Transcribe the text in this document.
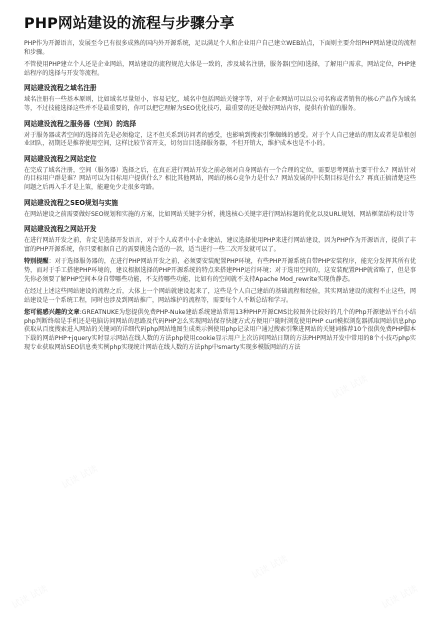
PHP网站建设的流程与步骤分享

PHP作为开源语言，发展至今已有很多成熟的国内外开源系统，足以满足个人和企业用户自己建立WEB站点，下面则主要介绍PHP网站建设的流程和步骤。

不管使用PHP建立个人还是企业网站，网站建设的流程规范大体是一致的，涉及域名注册，服务器(空间)选择，了解用户需求，网站定位，PHP建站程序的选择与开发等流程。

网站建设流程之域名注册

域名注册有一些基本原则，比如域名尽量短小，容易记忆，域名中包括网站关键字等，对于企业网站可以以公司名称或者销售的核心产品作为域名等，不过技能选择这些并不是最重要的，你可以把它理解为SEO优化技巧，最重要的还是做好网站内容，提供有价值的服务。

网站建设流程之服务器（空间）的选择

对于服务器或者空间的选择首先是必须稳定，这不但关系到访问者的感受，也影响到搜索引擎蜘蛛的感受。对于个人自己建站的朋友或者是草根创业团队，初期还是推荐使用空间，这样比较节省开支，切勿盲目选择服务器，不但开销大，维护成本也是不小的。

网站建设流程之网站定位

在完成了域名注册，空间（服务器）选择之后，在真正进行网站开发之前必须对自身网站有一个合理的定位，需要思考网站主要干什么？网站针对的目标用户群是谁？网站可以为目标用户提供什么？相比其他网站，网站的核心竞争力是什么？网站发展的中长期目标是什么？再真正搞清楚这些问题之后再入手才是上策，能避免少走很多弯路。

网站建设流程之SEO规划与实施

在网站建设之前需要做好SEO规划和实施的方案，比如网站关键字分析，挑选核心关键字进行网站标题的优化以及URL规划、网站框架结构设计等

网站建设流程之网站开发

在进行网站开发之前，肯定是选择开发语言，对于个人或者中小企业建站，建议选择使用PHP来进行网站建设，因为PHP作为开源语言，提供了丰富的PHP开源系统，你只要根据自己的需要挑选合适的一款，适当进行一些二次开发就可以了。

特别提醒：对于选择服务器的，在进行PHP网站开发之前，必须要安装配置PHP环境，有些PHP开源系统自带PHP安装程序，能充分发挥其所有优势，而对于手工搭建PHP环境的，建议根据选择的PHP开源系统的特点来搭建PHP运行环境；对于选用空间的，这安装配置PHP就省略了，但是事先你必须要了解PHP空间本身自带哪些功能，不支持哪些功能，比如有的空间就不支持Apache Mod_rewrite实现伪静态。

在经过上述这些网站建设的流程之后，大体上一个网站就建设起来了，这些是个人自己建站的基础流程和经验，其实网站建设的流程不止这些，网站建设是一个系统工程，同时也涉及到网站推广，网站维护的流程等，需要每个人不断总结和学习。

您可能感兴趣的文章:GREATNUKE为您提供免费PHP-Nuke建站系统建站常用13种PHP开源CMS比较图外比较好的几个的Php开源建站平台小结php判断终端是手机还是电脑访问网站的思路及代码PHP怎么实现网站保存快捷方式方便用户随时浏览使用PHP curl模拟浏览器抓取网站信息php获取从百度搜索进入网站的关键词的详细代码php网站地图生成类示例使用php记录用户通过搜索引擎进网站的关键词推荐10个很供免费PHP脚本下载的网站PHP+jquery实时显示网站在线人数的方法php使用cookie显示用户上次访问网站日期的方法PHP网站开发中常用的8个小技巧php实现专业获取网站SEO信息类实例php实现统计网站在线人数的方法php中smarty实现多模版网站的方法
